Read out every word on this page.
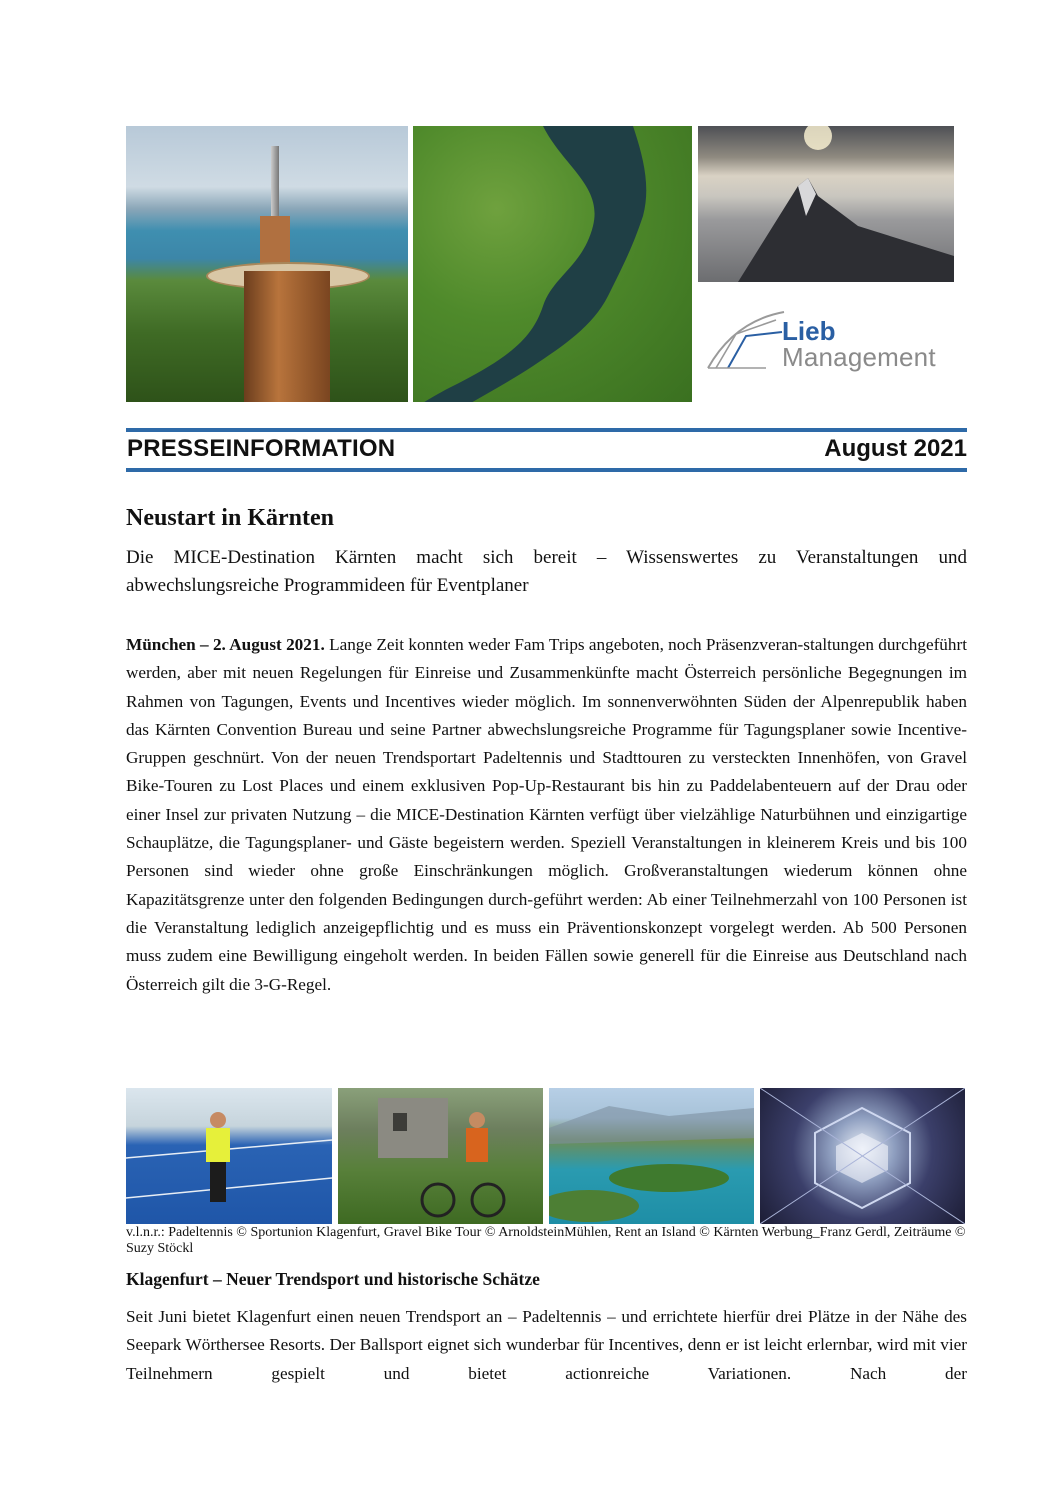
Lieb
Management
PRESSEINFORMATION	August 2021
Neustart in Kärnten
Die MICE-Destination Kärnten macht sich bereit – Wissenswertes zu Veranstaltungen und abwechslungsreiche Programmideen für Eventplaner
München – 2. August 2021. Lange Zeit konnten weder Fam Trips angeboten, noch Präsenzveran-staltungen durchgeführt werden, aber mit neuen Regelungen für Einreise und Zusammenkünfte macht Österreich persönliche Begegnungen im Rahmen von Tagungen, Events und Incentives wieder möglich. Im sonnenverwöhnten Süden der Alpenrepublik haben das Kärnten Convention Bureau und seine Partner abwechslungsreiche Programme für Tagungsplaner sowie Incentive-Gruppen geschnürt. Von der neuen Trendsportart Padeltennis und Stadttouren zu versteckten Innenhöfen, von Gravel Bike-Touren zu Lost Places und einem exklusiven Pop-Up-Restaurant bis hin zu Paddelabenteuern auf der Drau oder einer Insel zur privaten Nutzung – die MICE-Destination Kärnten verfügt über vielzählige Naturbühnen und einzigartige Schauplätze, die Tagungsplaner- und Gäste begeistern werden. Speziell Veranstaltungen in kleinerem Kreis und bis 100 Personen sind wieder ohne große Einschränkungen möglich. Großveranstaltungen wiederum können ohne Kapazitätsgrenze unter den folgenden Bedingungen durch-geführt werden: Ab einer Teilnehmerzahl von 100 Personen ist die Veranstaltung lediglich anzeigepflichtig und es muss ein Präventionskonzept vorgelegt werden. Ab 500 Personen muss zudem eine Bewilligung eingeholt werden. In beiden Fällen sowie generell für die Einreise aus Deutschland nach Österreich gilt die 3-G-Regel.
v.l.n.r.: Padeltennis © Sportunion Klagenfurt, Gravel Bike Tour © ArnoldsteinMühlen, Rent an Island © Kärnten Werbung_Franz Gerdl, Zeiträume © Suzy Stöckl
Klagenfurt – Neuer Trendsport und historische Schätze
Seit Juni bietet Klagenfurt einen neuen Trendsport an – Padeltennis – und errichtete hierfür drei Plätze in der Nähe des Seepark Wörthersee Resorts. Der Ballsport eignet sich wunderbar für Incentives, denn er ist leicht erlernbar, wird mit vier Teilnehmern gespielt und bietet actionreiche Variationen. Nach der
